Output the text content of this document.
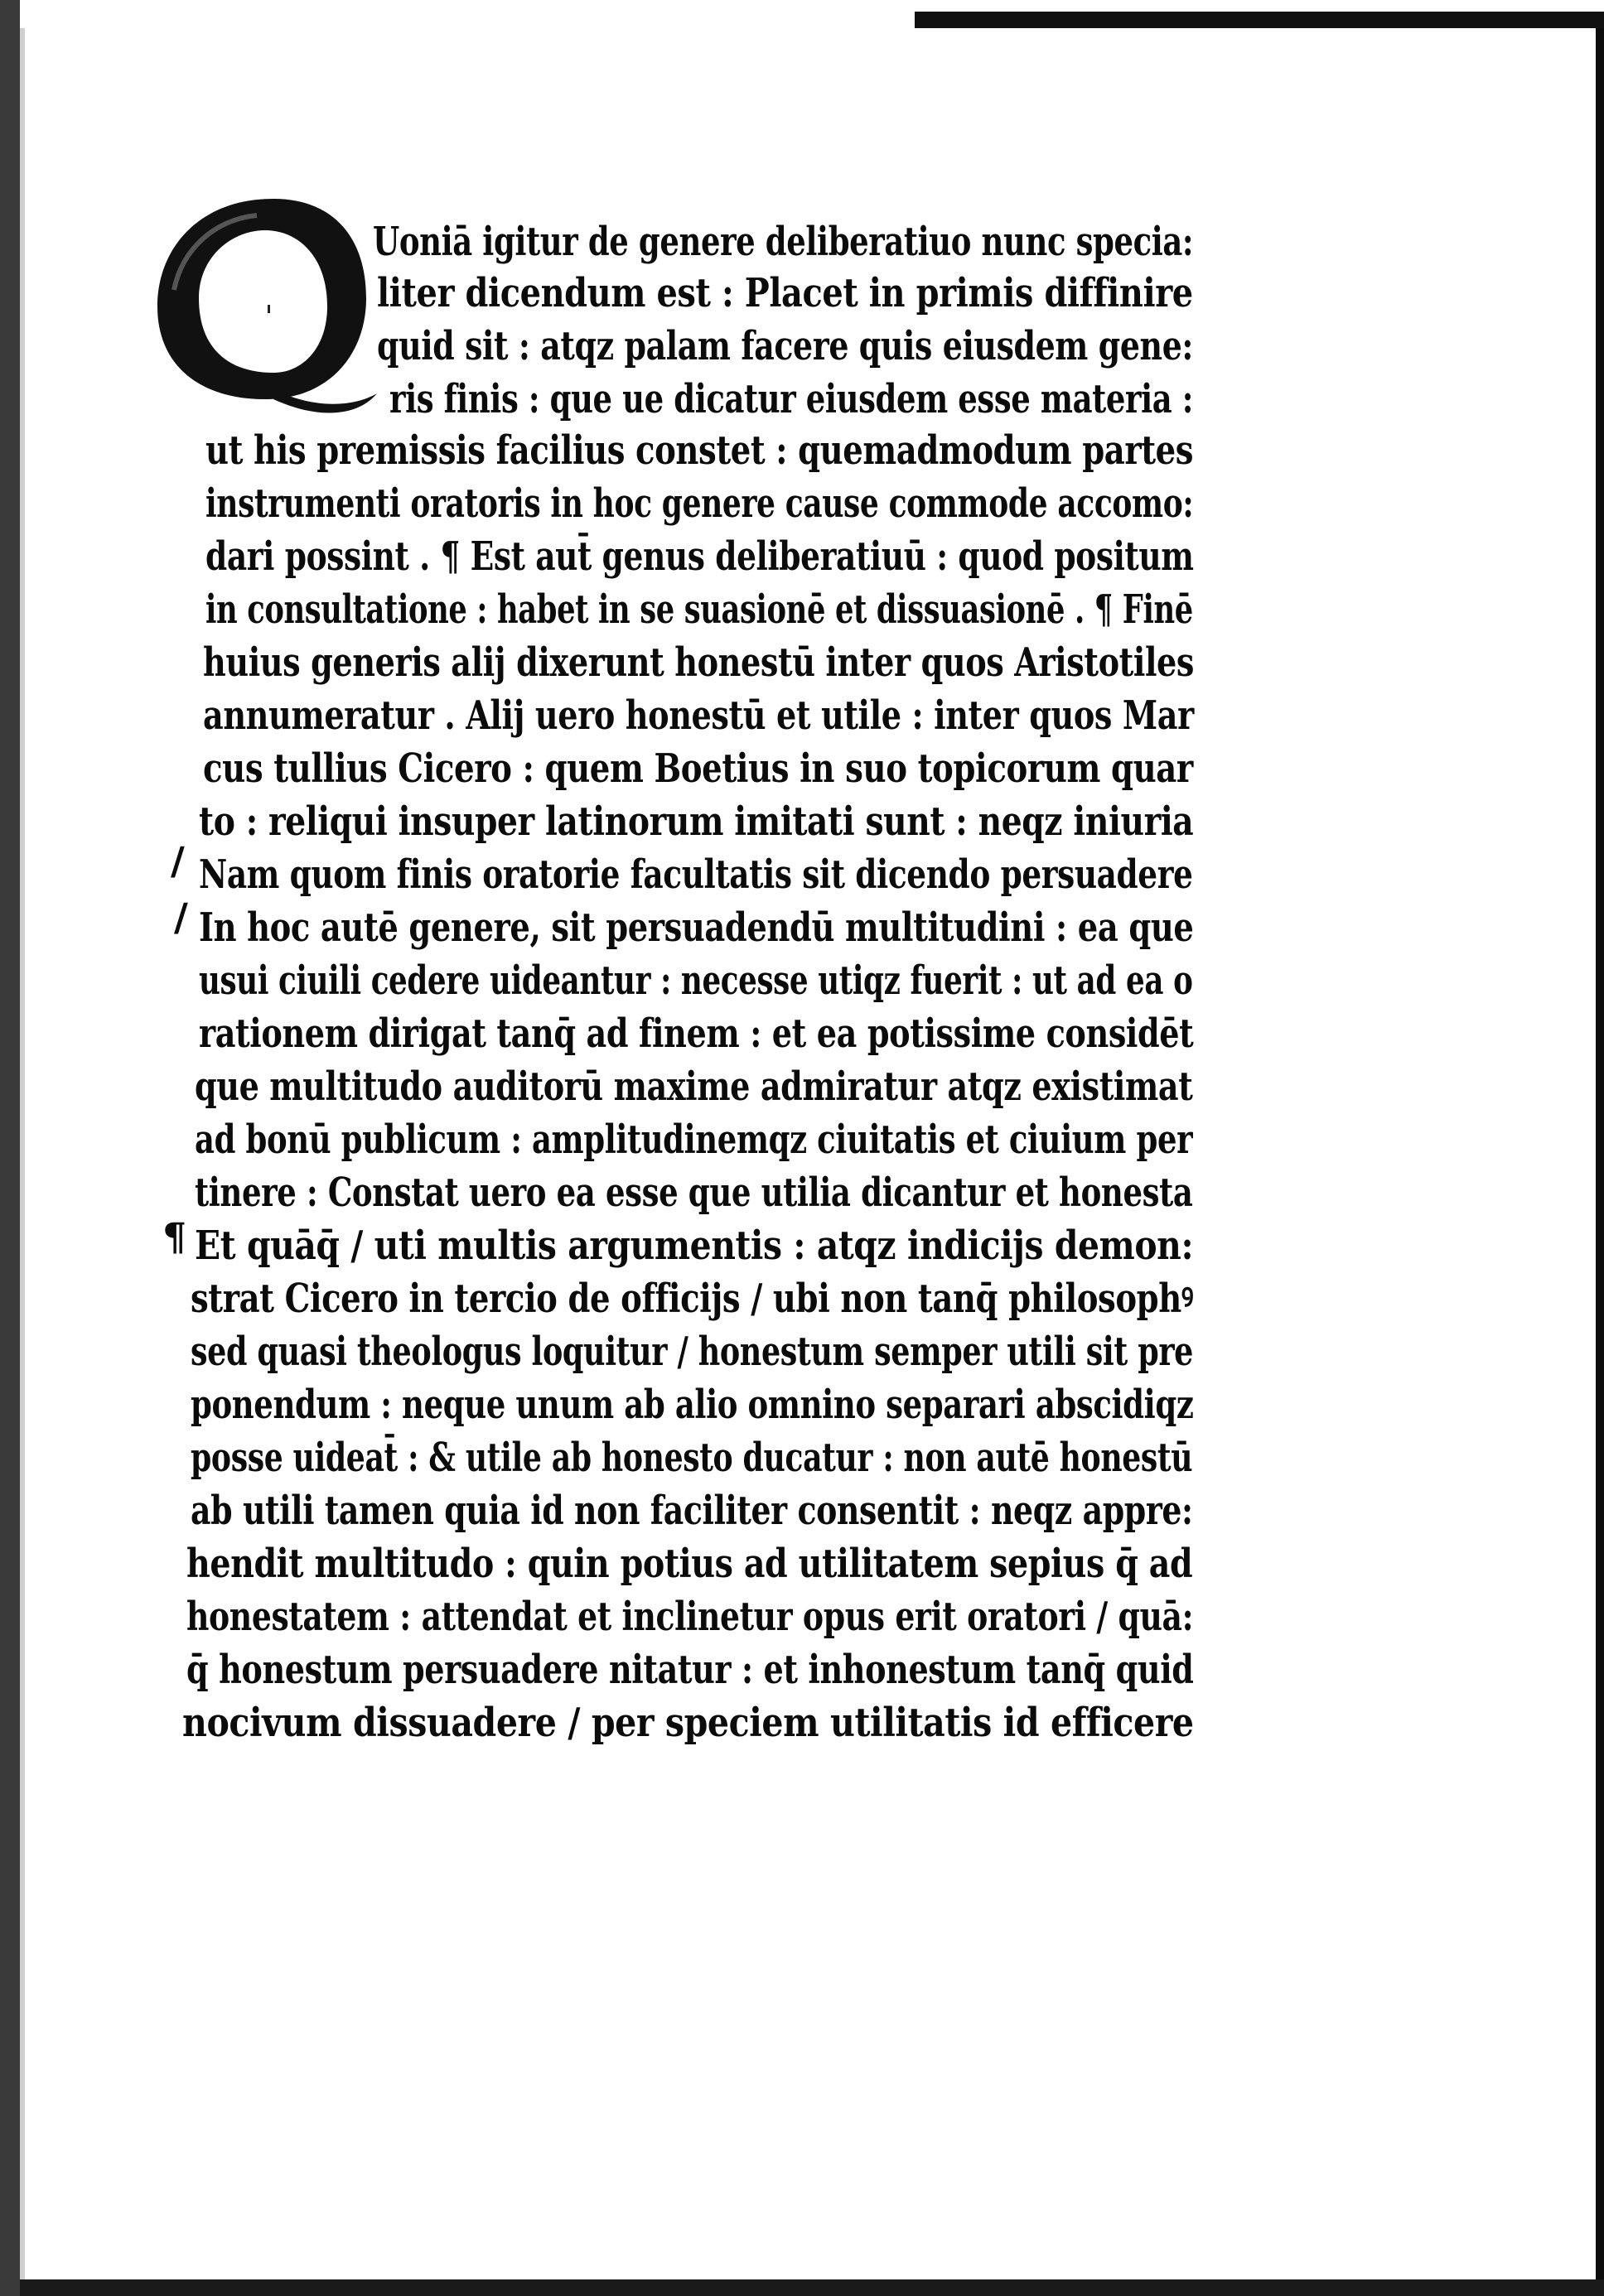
Q
Uoniā igitur de genere deliberatiuo nunc specia:
liter dicendum est : Placet in primis diffinire
quid sit : atqz palam facere quis eiusdem gene:
ris finis : que ue dicatur eiusdem esse materia :
ut his premissis facilius constet : quemadmodum partes
instrumenti oratoris in hoc genere cause commode accomo:
dari possint . ¶ Est aut̄ genus deliberatiuū : quod positum
in consultatione : habet in se suasionē et dissuasionē . ¶ Finē
huius generis alij dixerunt honestū inter quos Aristotiles
annumeratur . Alij uero honestū et utile : inter quos Mar
cus tullius Cicero : quem Boetius in suo topicorum quar
to : reliqui insuper latinorum imitati sunt : neqz iniuria
Nam quom finis oratorie facultatis sit dicendo persuadere
In hoc autē genere, sit persuadendū multitudini : ea que
usui ciuili cedere uideantur : necesse utiqz fuerit : ut ad ea o
rationem dirigat tanq̄ ad finem : et ea potissime considēt
que multitudo auditorū maxime admiratur atqz existimat
ad bonū publicum : amplitudinemqz ciuitatis et ciuium per
tinere : Constat uero ea esse que utilia dicantur et honesta
Et quāq̄ / uti multis argumentis : atqz indicijs demon:
strat Cicero in tercio de officijs / ubi non tanq̄ philosophꝰ
sed quasi theologus loquitur / honestum semper utili sit pre
ponendum : neque unum ab alio omnino separari abscidiqz
posse uideat̄ : & utile ab honesto ducatur : non autē honestū
ab utili tamen quia id non faciliter consentit : neqz appre:
hendit multitudo : quin potius ad utilitatem sepius q̄ ad
honestatem : attendat et inclinetur opus erit oratori / quā:
q̄ honestum persuadere nitatur : et inhonestum tanq̄ quid
nocivum dissuadere / per speciem utilitatis id efficere
/
/
¶
